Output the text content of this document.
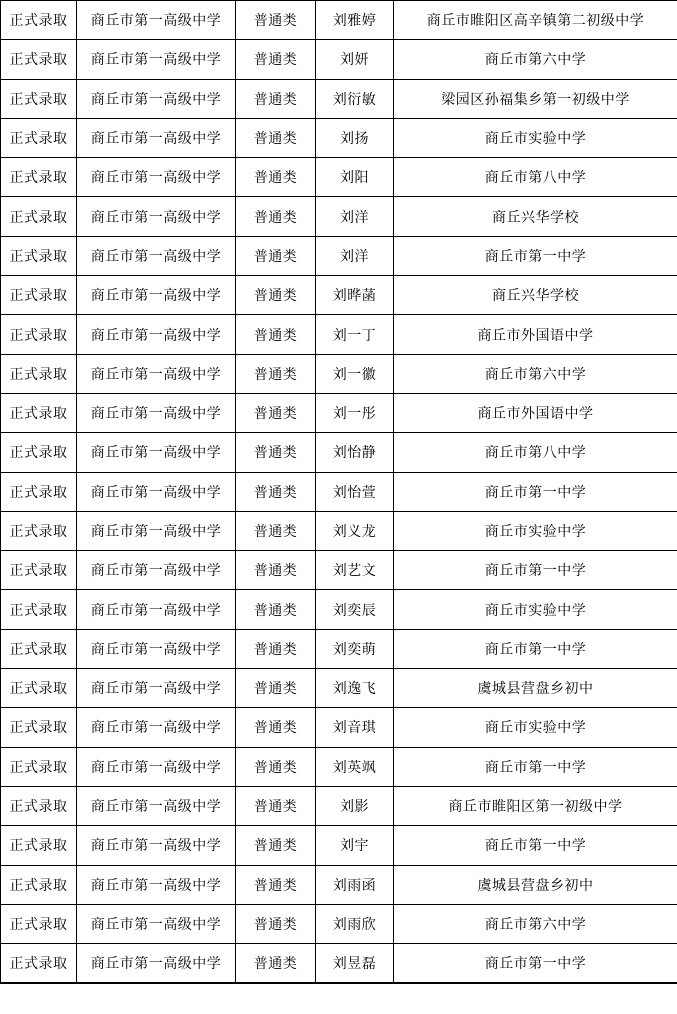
正式录取	商丘市第一高级中学	普通类	刘雅婷	商丘市睢阳区高辛镇第二初级中学
正式录取	商丘市第一高级中学	普通类	刘妍	商丘市第六中学
正式录取	商丘市第一高级中学	普通类	刘衍敏	梁园区孙福集乡第一初级中学
正式录取	商丘市第一高级中学	普通类	刘扬	商丘市实验中学
正式录取	商丘市第一高级中学	普通类	刘阳	商丘市第八中学
正式录取	商丘市第一高级中学	普通类	刘洋	商丘兴华学校
正式录取	商丘市第一高级中学	普通类	刘洋	商丘市第一中学
正式录取	商丘市第一高级中学	普通类	刘晔菡	商丘兴华学校
正式录取	商丘市第一高级中学	普通类	刘一丁	商丘市外国语中学
正式录取	商丘市第一高级中学	普通类	刘一徽	商丘市第六中学
正式录取	商丘市第一高级中学	普通类	刘一彤	商丘市外国语中学
正式录取	商丘市第一高级中学	普通类	刘怡静	商丘市第八中学
正式录取	商丘市第一高级中学	普通类	刘怡萱	商丘市第一中学
正式录取	商丘市第一高级中学	普通类	刘义龙	商丘市实验中学
正式录取	商丘市第一高级中学	普通类	刘艺文	商丘市第一中学
正式录取	商丘市第一高级中学	普通类	刘奕辰	商丘市实验中学
正式录取	商丘市第一高级中学	普通类	刘奕萌	商丘市第一中学
正式录取	商丘市第一高级中学	普通类	刘逸飞	虞城县营盘乡初中
正式录取	商丘市第一高级中学	普通类	刘音琪	商丘市实验中学
正式录取	商丘市第一高级中学	普通类	刘英飒	商丘市第一中学
正式录取	商丘市第一高级中学	普通类	刘影	商丘市睢阳区第一初级中学
正式录取	商丘市第一高级中学	普通类	刘宇	商丘市第一中学
正式录取	商丘市第一高级中学	普通类	刘雨函	虞城县营盘乡初中
正式录取	商丘市第一高级中学	普通类	刘雨欣	商丘市第六中学
正式录取	商丘市第一高级中学	普通类	刘昱磊	商丘市第一中学
